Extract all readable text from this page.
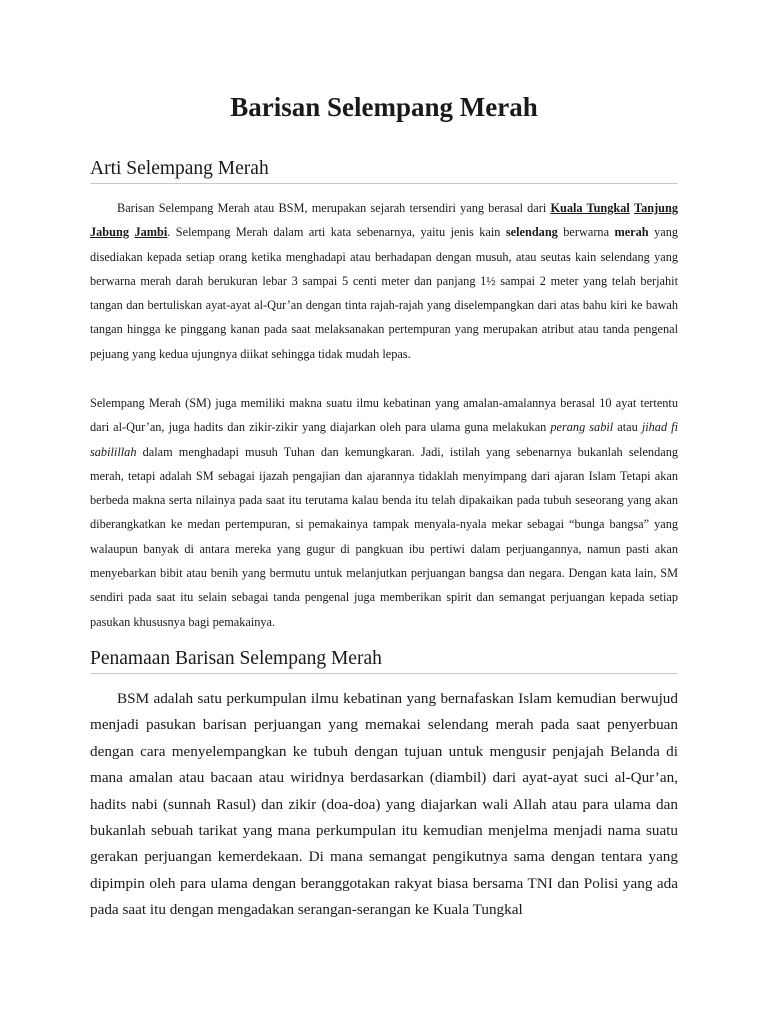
Barisan Selempang Merah
Arti Selempang Merah

Barisan Selempang Merah atau BSM, merupakan sejarah tersendiri yang berasal dari Kuala Tungkal Tanjung Jabung Jambi. Selempang Merah dalam arti kata sebenarnya, yaitu jenis kain selendang berwarna merah yang disediakan kepada setiap orang ketika menghadapi atau berhadapan dengan musuh, atau seutas kain selendang yang berwarna merah darah berukuran lebar 3 sampai 5 centi meter dan panjang 1½ sampai 2 meter yang telah berjahit tangan dan bertuliskan ayat-ayat al-Qur’an dengan tinta rajah-rajah yang diselempangkan dari atas bahu kiri ke bawah tangan hingga ke pinggang kanan pada saat melaksanakan pertempuran yang merupakan atribut atau tanda pengenal pejuang yang kedua ujungnya diikat sehingga tidak mudah lepas.

Selempang Merah (SM) juga memiliki makna suatu ilmu kebatinan yang amalan-amalannya berasal 10 ayat tertentu dari al-Qur’an, juga hadits dan zikir-zikir yang diajarkan oleh para ulama guna melakukan perang sabil atau jihad fi sabilillah dalam menghadapi musuh Tuhan dan kemungkaran. Jadi, istilah yang sebenarnya bukanlah selendang merah, tetapi adalah SM sebagai ijazah pengajian dan ajarannya tidaklah menyimpang dari ajaran Islam Tetapi akan berbeda makna serta nilainya pada saat itu terutama kalau benda itu telah dipakaikan pada tubuh seseorang yang akan diberangkatkan ke medan pertempuran, si pemakainya tampak menyala-nyala mekar sebagai “bunga bangsa” yang walaupun banyak di antara mereka yang gugur di pangkuan ibu pertiwi dalam perjuangannya, namun pasti akan menyebarkan bibit atau benih yang bermutu untuk melanjutkan perjuangan bangsa dan negara. Dengan kata lain, SM sendiri pada saat itu selain sebagai tanda pengenal juga memberikan spirit dan semangat perjuangan kepada setiap pasukan khususnya bagi pemakainya.

Penamaan Barisan Selempang Merah

BSM adalah satu perkumpulan ilmu kebatinan yang bernafaskan Islam kemudian berwujud menjadi pasukan barisan perjuangan yang memakai selendang merah pada saat penyerbuan dengan cara menyelempangkan ke tubuh dengan tujuan untuk mengusir penjajah Belanda di mana amalan atau bacaan atau wiridnya berdasarkan (diambil) dari ayat-ayat suci al-Qur’an, hadits nabi (sunnah Rasul) dan zikir (doa-doa) yang diajarkan wali Allah atau para ulama dan bukanlah sebuah tarikat yang mana perkumpulan itu kemudian menjelma menjadi nama suatu gerakan perjuangan kemerdekaan. Di mana semangat pengikutnya sama dengan tentara yang dipimpin oleh para ulama dengan beranggotakan rakyat biasa bersama TNI dan Polisi yang ada pada saat itu dengan mengadakan serangan-serangan ke Kuala Tungkal
